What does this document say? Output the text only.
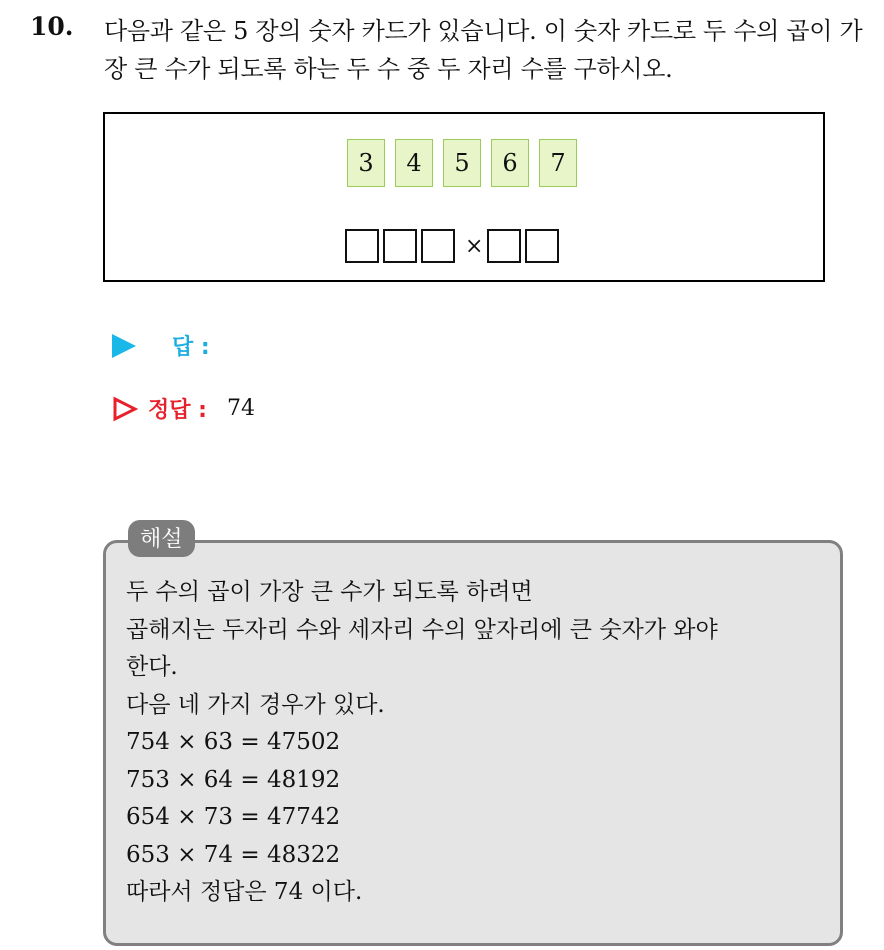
10. 다음과 같은 5 장의 숫자 카드가 있습니다. 이 숫자 카드로 두 수의 곱이 가장 큰 수가 되도록 하는 두 수 중 두 자리 수를 구하시오.
3	4	5	6	7
×
답 :
정답 : 74
해설
두 수의 곱이 가장 큰 수가 되도록 하려면
곱해지는 두자리 수와 세자리 수의 앞자리에 큰 숫자가 와야
한다.
다음 네 가지 경우가 있다.
754 × 63 = 47502
753 × 64 = 48192
654 × 73 = 47742
653 × 74 = 48322
따라서 정답은 74 이다.
